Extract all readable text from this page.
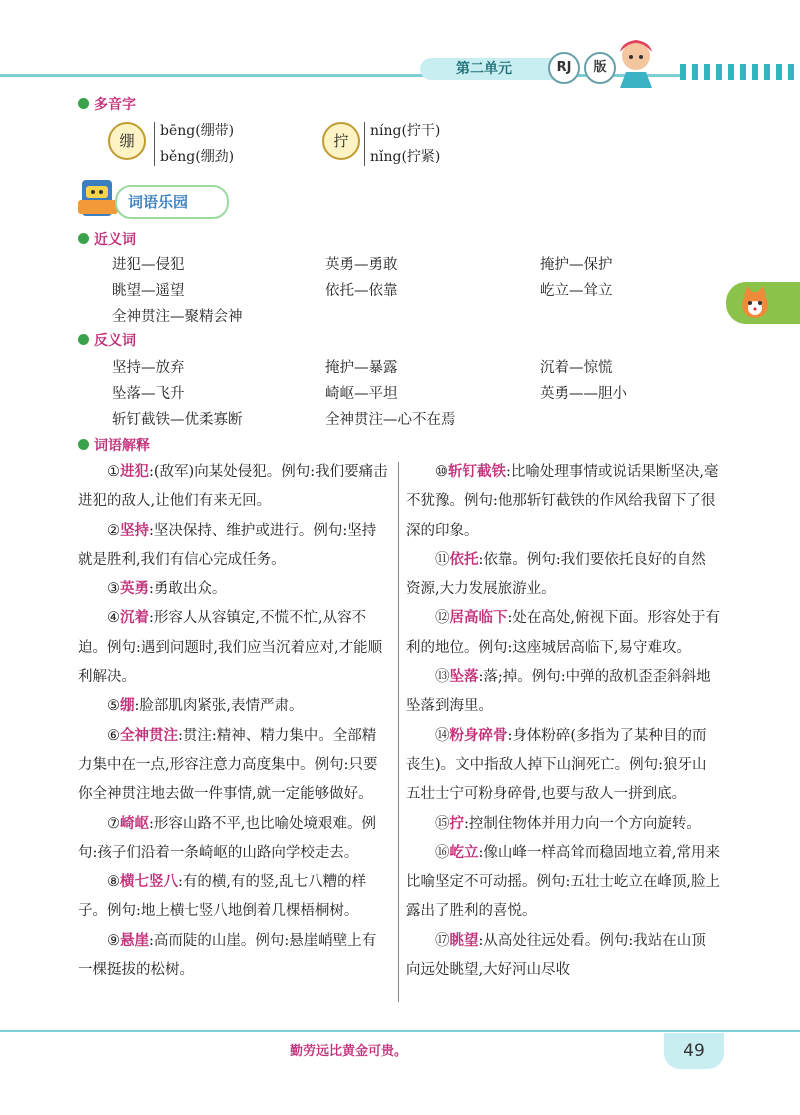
第二单元	RJ	版
多音字
绷
bēng(绷带)
běng(绷劲)
拧
níng(拧干)
nǐng(拧紧)
词语乐园
近义词
进犯—侵犯	英勇—勇敢	掩护—保护
眺望—遥望	依托—依靠	屹立—耸立
全神贯注—聚精会神
反义词
坚持—放弃	掩护—暴露	沉着—惊慌
坠落—飞升	崎岖—平坦	英勇——胆小
斩钉截铁—优柔寡断	全神贯注—心不在焉
词语解释
①进犯:(敌军)向某处侵犯。例句:我们要痛击进犯的敌人,让他们有来无回。
②坚持:坚决保持、维护或进行。例句:坚持就是胜利,我们有信心完成任务。
③英勇:勇敢出众。
④沉着:形容人从容镇定,不慌不忙,从容不迫。例句:遇到问题时,我们应当沉着应对,才能顺利解决。
⑤绷:脸部肌肉紧张,表情严肃。
⑥全神贯注:贯注:精神、精力集中。全部精力集中在一点,形容注意力高度集中。例句:只要你全神贯注地去做一件事情,就一定能够做好。
⑦崎岖:形容山路不平,也比喻处境艰难。例句:孩子们沿着一条崎岖的山路向学校走去。
⑧横七竖八:有的横,有的竖,乱七八糟的样子。例句:地上横七竖八地倒着几棵梧桐树。
⑨悬崖:高而陡的山崖。例句:悬崖峭壁上有一棵挺拔的松树。
⑩斩钉截铁:比喻处理事情或说话果断坚决,毫不犹豫。例句:他那斩钉截铁的作风给我留下了很深的印象。
⑪依托:依靠。例句:我们要依托良好的自然资源,大力发展旅游业。
⑫居高临下:处在高处,俯视下面。形容处于有利的地位。例句:这座城居高临下,易守难攻。
⑬坠落:落;掉。例句:中弹的敌机歪歪斜斜地坠落到海里。
⑭粉身碎骨:身体粉碎(多指为了某种目的而丧生)。文中指敌人掉下山涧死亡。例句:狼牙山五壮士宁可粉身碎骨,也要与敌人一拼到底。
⑮拧:控制住物体并用力向一个方向旋转。
⑯屹立:像山峰一样高耸而稳固地立着,常用来比喻坚定不可动摇。例句:五壮士屹立在峰顶,脸上露出了胜利的喜悦。
⑰眺望:从高处往远处看。例句:我站在山顶向远处眺望,大好河山尽收
勤劳远比黄金可贵。	49
